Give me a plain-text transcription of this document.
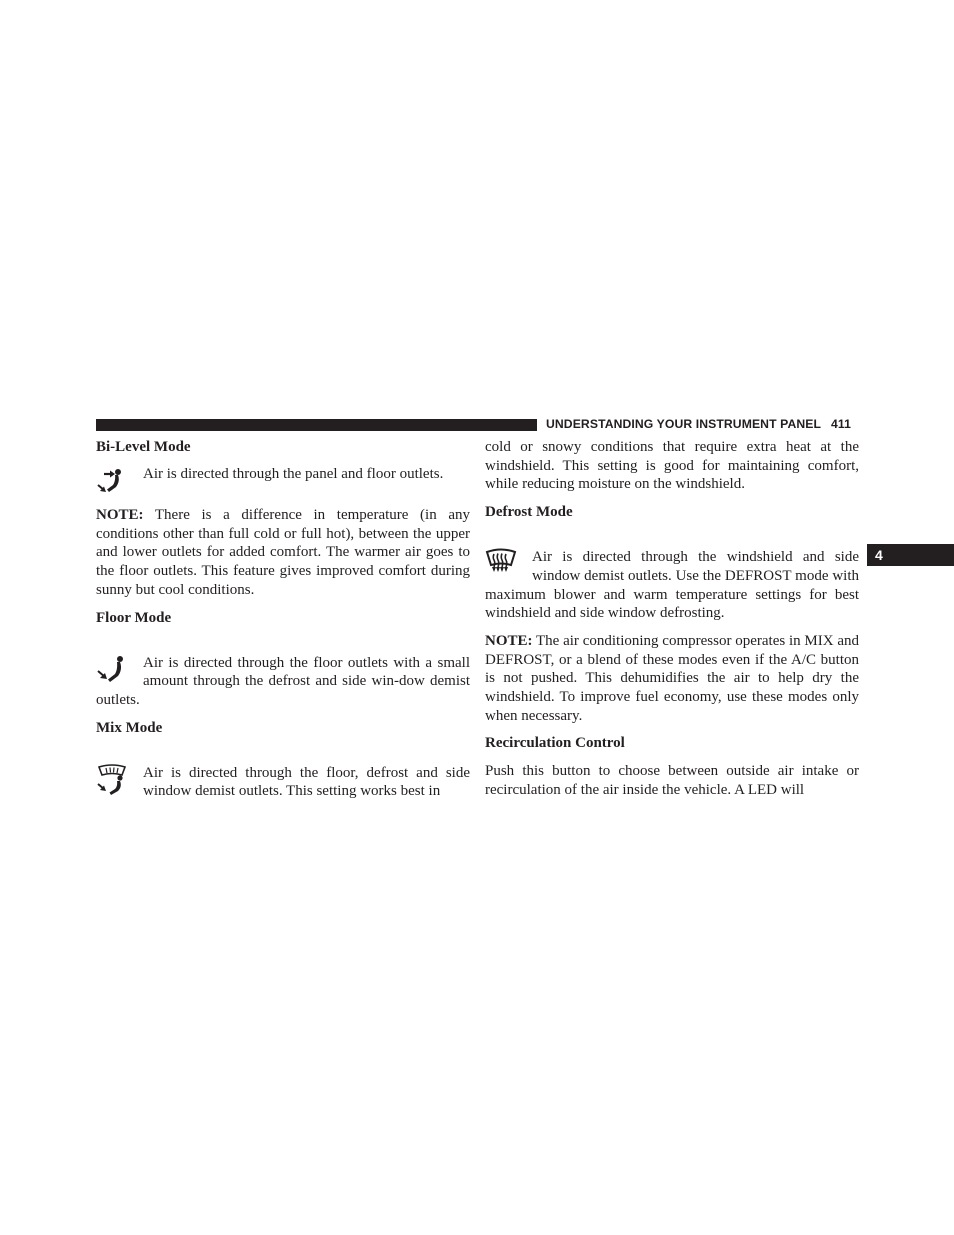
UNDERSTANDING YOUR INSTRUMENT PANEL 411
4
Bi-Level Mode

Air is directed through the panel and floor outlets.

NOTE: There is a difference in temperature (in any conditions other than full cold or full hot), between the upper and lower outlets for added comfort. The warmer air goes to the floor outlets. This feature gives improved comfort during sunny but cool conditions.

Floor Mode

Air is directed through the floor outlets with a small amount through the defrost and side win-dow demist outlets.

Mix Mode

Air is directed through the floor, defrost and side window demist outlets. This setting works best in

cold or snowy conditions that require extra heat at the windshield. This setting is good for maintaining comfort, while reducing moisture on the windshield.

Defrost Mode

Air is directed through the windshield and side window demist outlets. Use the DEFROST mode with maximum blower and warm temperature settings for best windshield and side window defrosting.

NOTE: The air conditioning compressor operates in MIX and DEFROST, or a blend of these modes even if the A/C button is not pushed. This dehumidifies the air to help dry the windshield. To improve fuel economy, use these modes only when necessary.

Recirculation Control

Push this button to choose between outside air intake or recirculation of the air inside the vehicle. A LED will
